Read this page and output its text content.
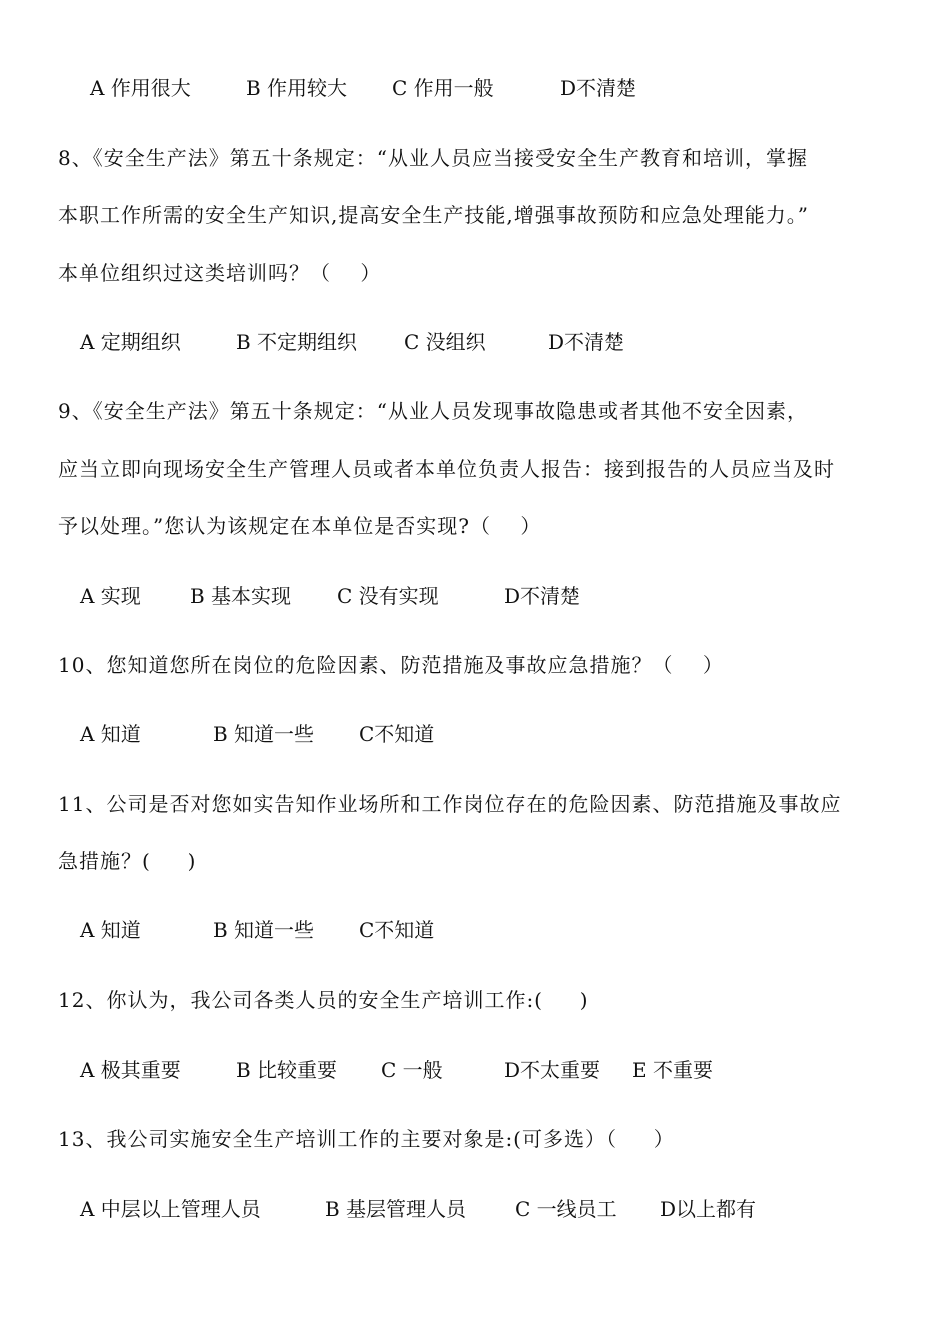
A 作用很大	B 作用较大 C 作用一般	D不清楚
8、《安全生产法》第五十条规定：“从业人员应当接受安全生产教育和培训，掌握
本职工作所需的安全生产知识,提高安全生产技能,增强事故预防和应急处理能力。”
本单位组织过这类培训吗？（    ）
A 定期组织	B 不定期组织 C 没组织	D不清楚
9、《安全生产法》第五十条规定：“从业人员发现事故隐患或者其他不安全因素，
应当立即向现场安全生产管理人员或者本单位负责人报告：接到报告的人员应当及时
予以处理。”您认为该规定在本单位是否实现?（    ）
A 实现 B 基本实现 C 没有实现	D不清楚
10、您知道您所在岗位的危险因素、防范措施及事故应急措施？（    ）
A 知道	B 知道一些 C不知道
11、公司是否对您如实告知作业场所和工作岗位存在的危险因素、防范措施及事故应
急措施？(     )
A 知道	B 知道一些 C不知道
12、你认为，我公司各类人员的安全生产培训工作:(     )
A 极其重要	B 比较重要 C 一般	D不太重要 E 不重要
13、我公司实施安全生产培训工作的主要对象是:(可多选）（     ）
A 中层以上管理人员	B 基层管理人员 C 一线员工 D以上都有
